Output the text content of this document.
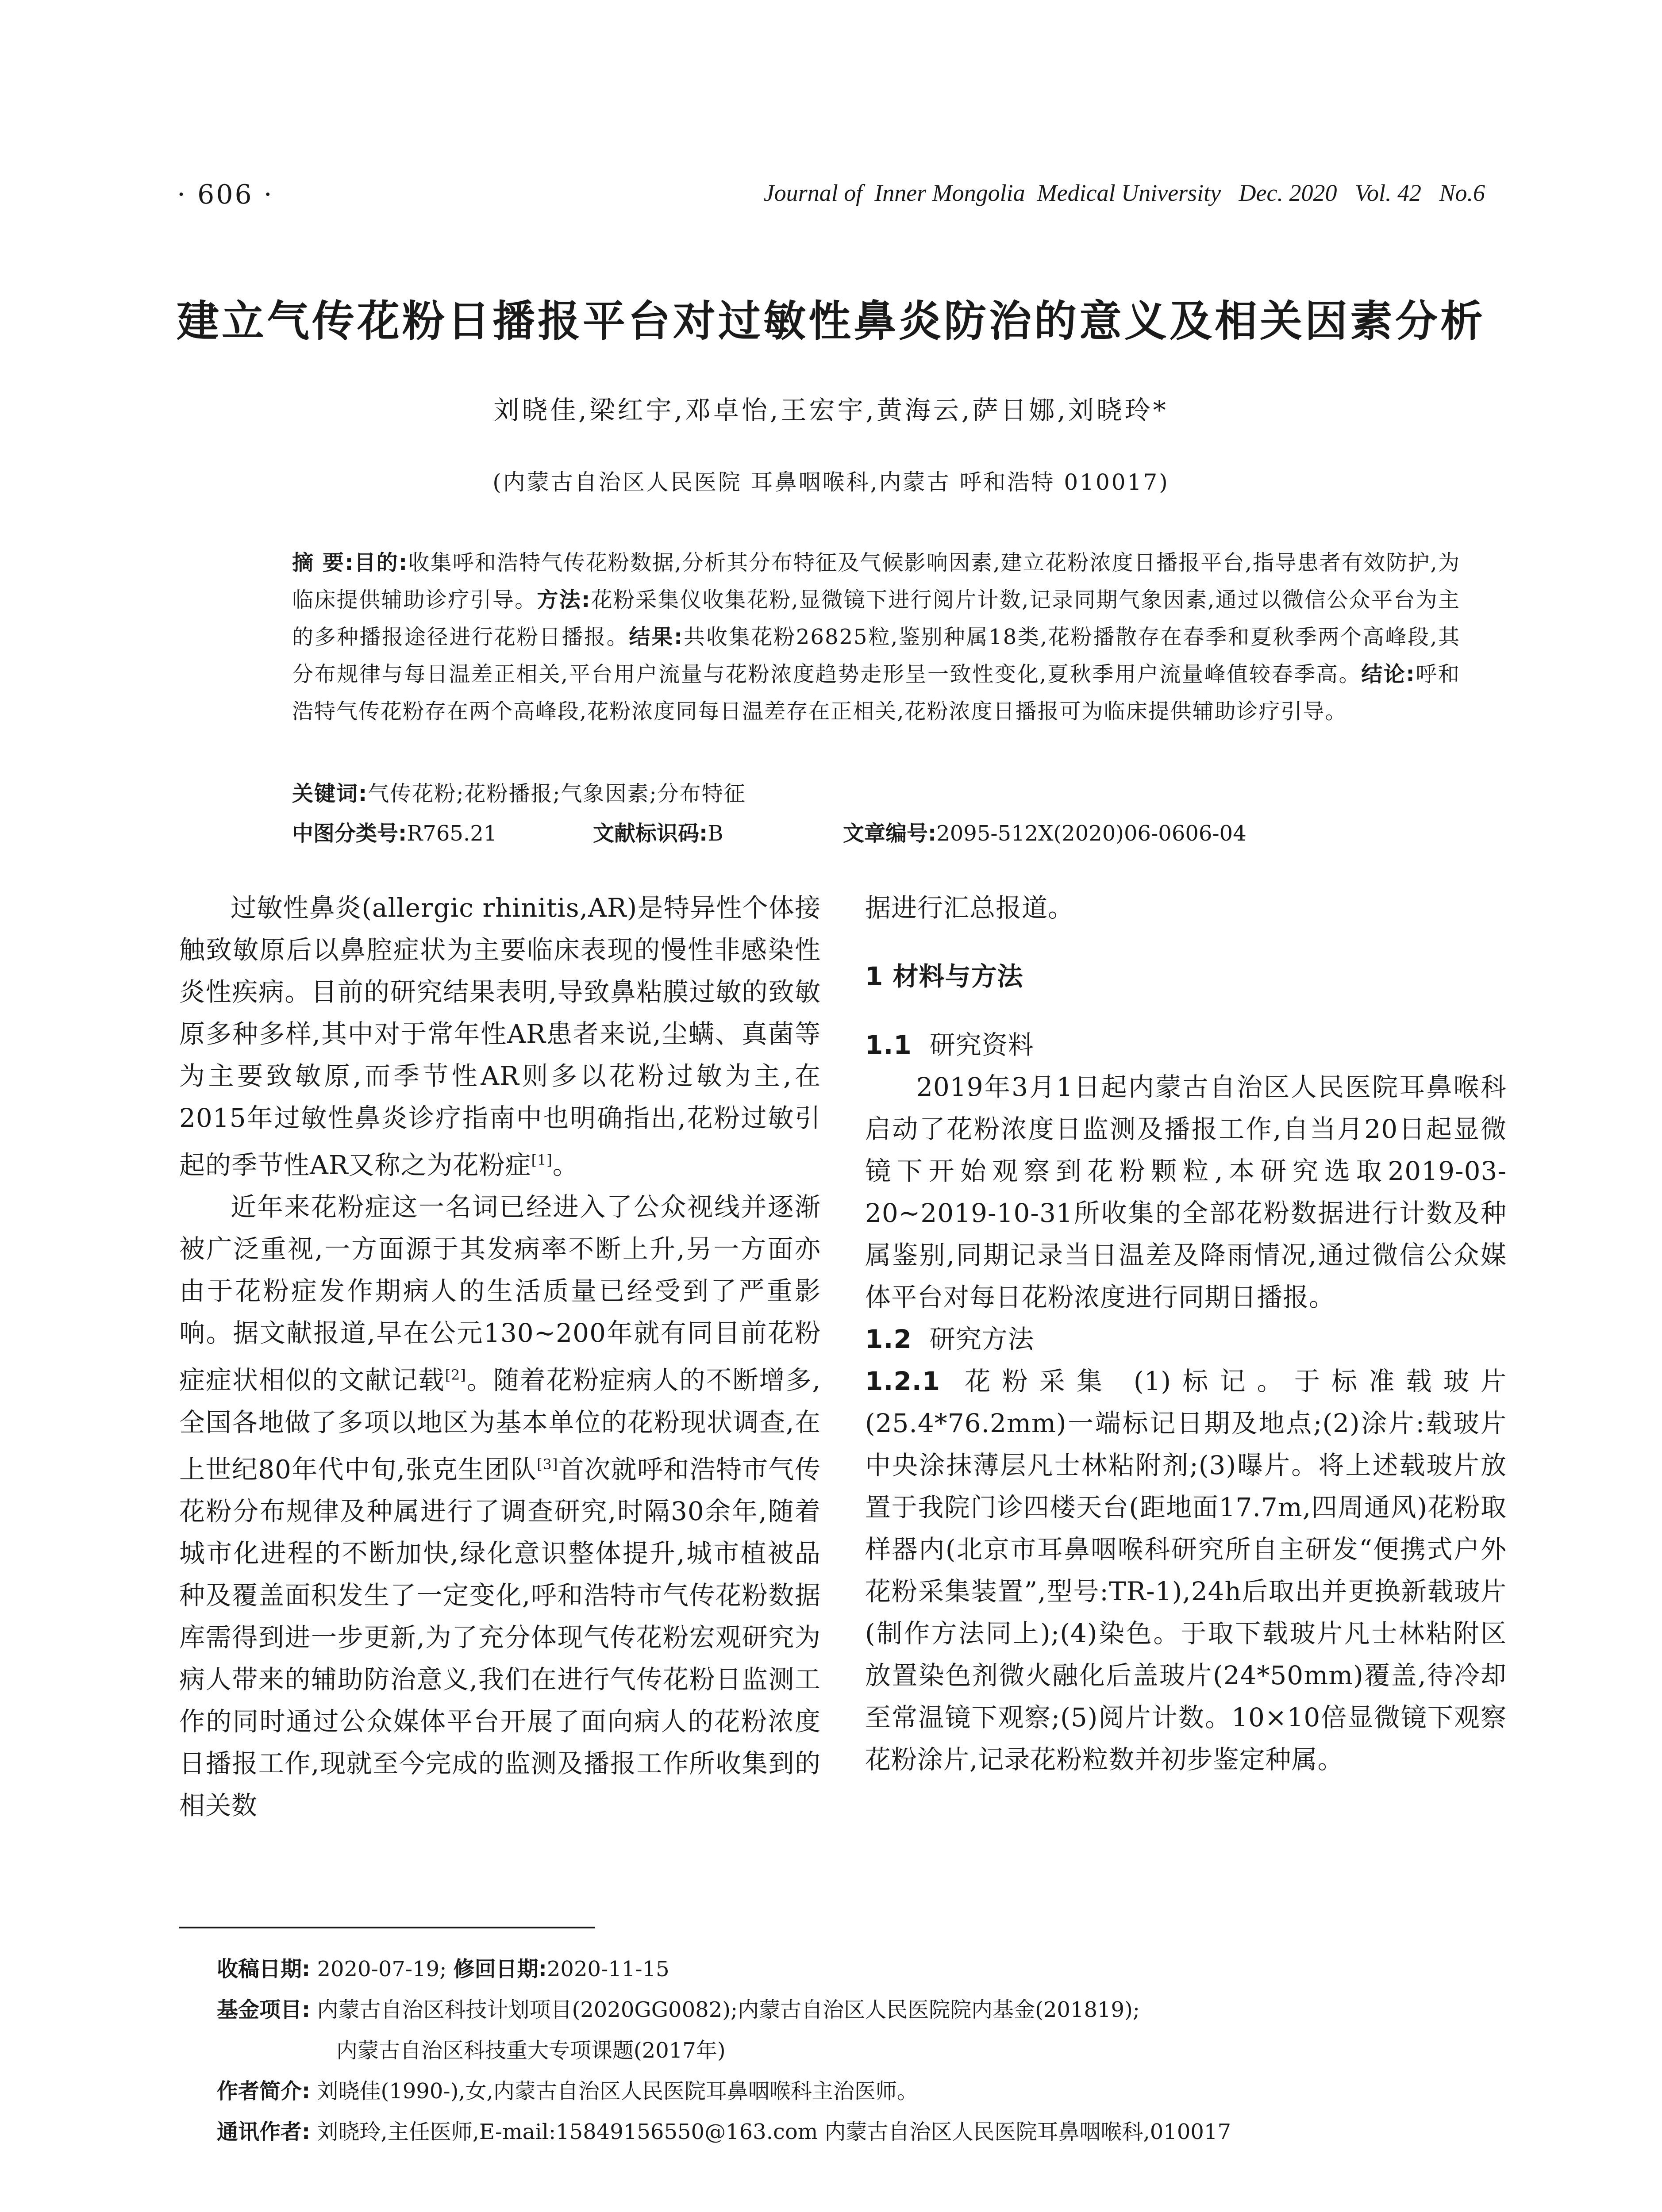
· 606 ·	Journal of  Inner Mongolia  Medical University Dec. 2020   Vol. 42   No.6
建立气传花粉日播报平台对过敏性鼻炎防治的意义及相关因素分析
刘晓佳,梁红宇,邓卓怡,王宏宇,黄海云,萨日娜,刘晓玲*
(内蒙古自治区人民医院 耳鼻咽喉科,内蒙古 呼和浩特 010017)
摘 要:目的:收集呼和浩特气传花粉数据,分析其分布特征及气候影响因素,建立花粉浓度日播报平台,指导患者有效防护,为临床提供辅助诊疗引导。方法:花粉采集仪收集花粉,显微镜下进行阅片计数,记录同期气象因素,通过以微信公众平台为主的多种播报途径进行花粉日播报。结果:共收集花粉26825粒,鉴别种属18类,花粉播散存在春季和夏秋季两个高峰段,其分布规律与每日温差正相关,平台用户流量与花粉浓度趋势走形呈一致性变化,夏秋季用户流量峰值较春季高。结论:呼和浩特气传花粉存在两个高峰段,花粉浓度同每日温差存在正相关,花粉浓度日播报可为临床提供辅助诊疗引导。
关键词:气传花粉;花粉播报;气象因素;分布特征
中图分类号:R765.21	文献标识码:B	文章编号:2095-512X(2020)06-0606-04

过敏性鼻炎(allergic rhinitis,AR)是特异性个体接触致敏原后以鼻腔症状为主要临床表现的慢性非感染性炎性疾病。目前的研究结果表明,导致鼻粘膜过敏的致敏原多种多样,其中对于常年性AR患者来说,尘螨、真菌等为主要致敏原,而季节性AR则多以花粉过敏为主,在2015年过敏性鼻炎诊疗指南中也明确指出,花粉过敏引起的季节性AR又称之为花粉症[1]。

近年来花粉症这一名词已经进入了公众视线并逐渐被广泛重视,一方面源于其发病率不断上升,另一方面亦由于花粉症发作期病人的生活质量已经受到了严重影响。据文献报道,早在公元130~200年就有同目前花粉症症状相似的文献记载[2]。随着花粉症病人的不断增多,全国各地做了多项以地区为基本单位的花粉现状调查,在上世纪80年代中旬,张克生团队[3]首次就呼和浩特市气传花粉分布规律及种属进行了调查研究,时隔30余年,随着城市化进程的不断加快,绿化意识整体提升,城市植被品种及覆盖面积发生了一定变化,呼和浩特市气传花粉数据库需得到进一步更新,为了充分体现气传花粉宏观研究为病人带来的辅助防治意义,我们在进行气传花粉日监测工作的同时通过公众媒体平台开展了面向病人的花粉浓度日播报工作,现就至今完成的监测及播报工作所收集到的相关数

据进行汇总报道。

1 材料与方法

1.1 研究资料

2019年3月1日起内蒙古自治区人民医院耳鼻喉科启动了花粉浓度日监测及播报工作,自当月20日起显微镜下开始观察到花粉颗粒,本研究选取2019-03-20~2019-10-31所收集的全部花粉数据进行计数及种属鉴别,同期记录当日温差及降雨情况,通过微信公众媒体平台对每日花粉浓度进行同期日播报。

1.2 研究方法

1.2.1 花粉采集 (1)标记。于标准载玻片(25.4*76.2mm)一端标记日期及地点;(2)涂片:载玻片中央涂抹薄层凡士林粘附剂;(3)曝片。将上述载玻片放置于我院门诊四楼天台(距地面17.7m,四周通风)花粉取样器内(北京市耳鼻咽喉科研究所自主研发“便携式户外花粉采集装置”,型号:TR-1),24h后取出并更换新载玻片(制作方法同上);(4)染色。于取下载玻片凡士林粘附区放置染色剂微火融化后盖玻片(24*50mm)覆盖,待冷却至常温镜下观察;(5)阅片计数。10×10倍显微镜下观察花粉涂片,记录花粉粒数并初步鉴定种属。

收稿日期: 2020-07-19; 修回日期:2020-11-15
基金项目: 内蒙古自治区科技计划项目(2020GG0082);内蒙古自治区人民医院院内基金(201819);
内蒙古自治区科技重大专项课题(2017年)
作者简介: 刘晓佳(1990-),女,内蒙古自治区人民医院耳鼻咽喉科主治医师。
通讯作者: 刘晓玲,主任医师,E-mail:15849156550@163.com 内蒙古自治区人民医院耳鼻咽喉科,010017
